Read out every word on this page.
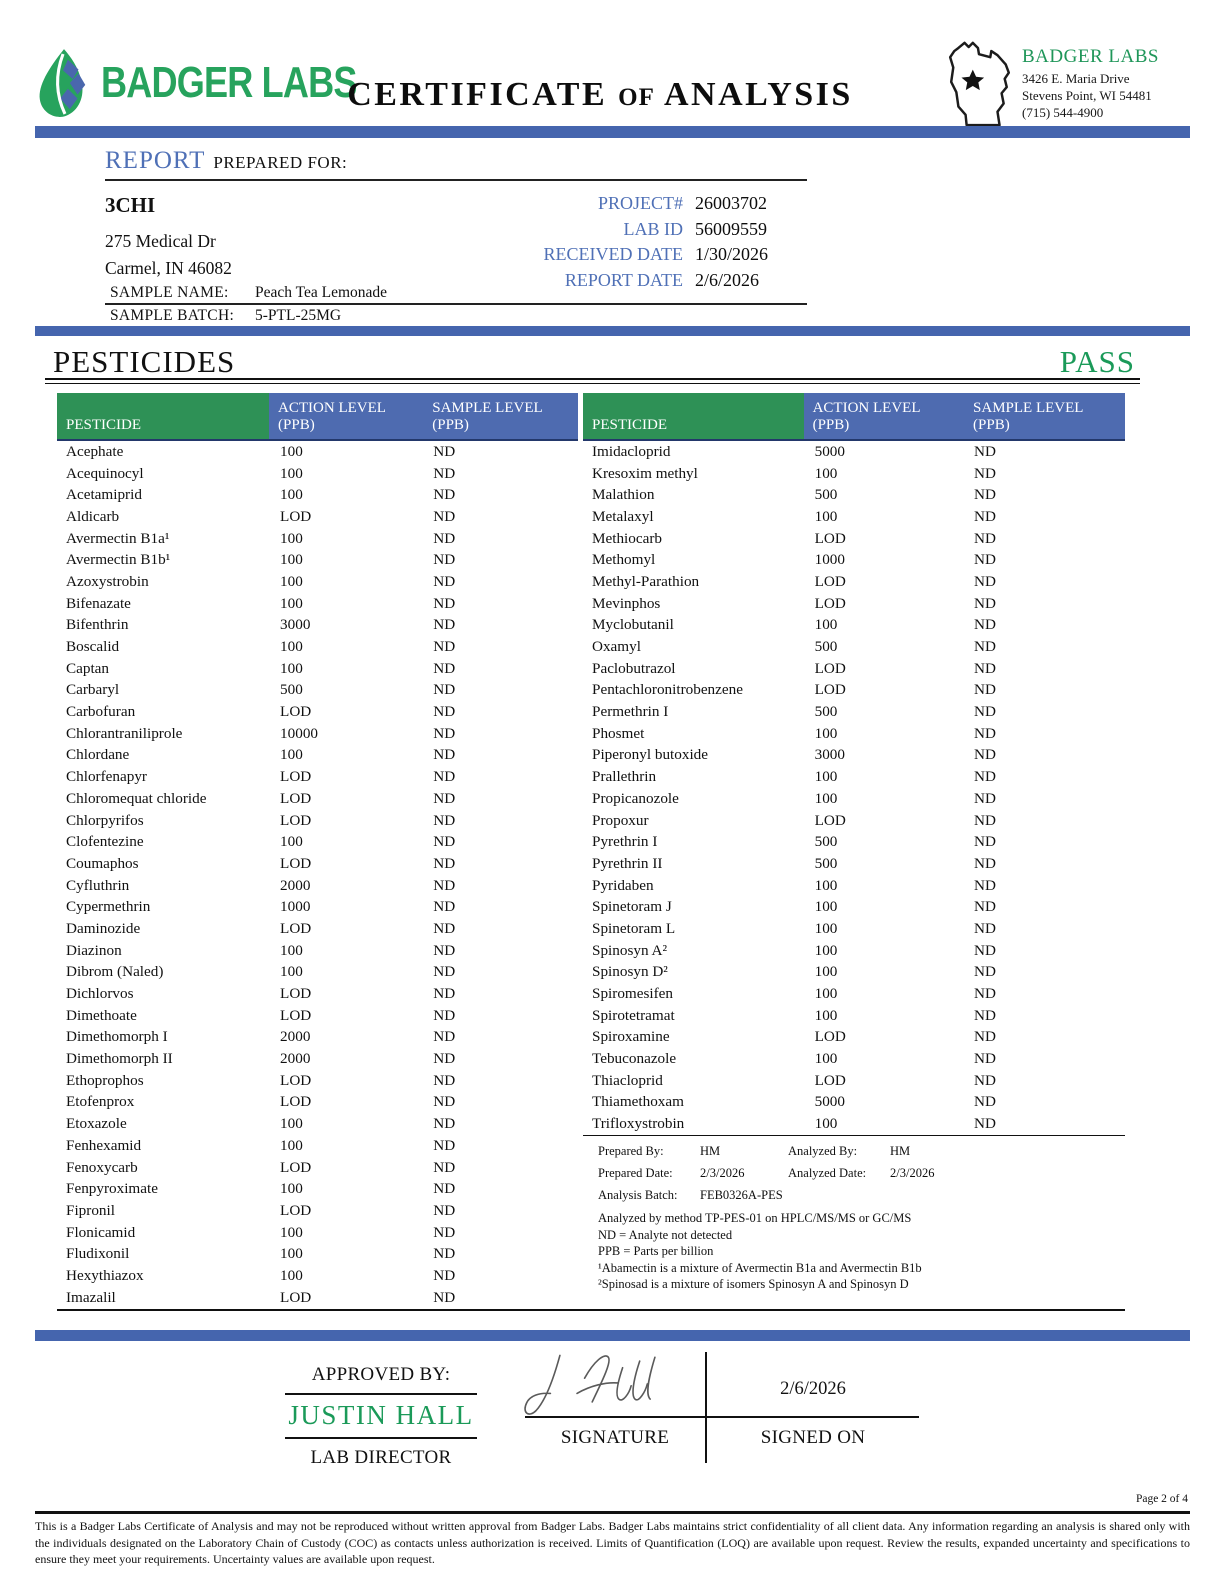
BADGER LABS
CERTIFICATE OF ANALYSIS
BADGER LABS
3426 E. Maria Drive
Stevens Point, WI 54481
(715) 544-4900
REPORT PREPARED FOR:
3CHI
275 Medical Dr
Carmel, IN 46082
PROJECT# 26003702
LAB ID 56009559
RECEIVED DATE 1/30/2026
REPORT DATE 2/6/2026
SAMPLE NAME:	Peach Tea Lemonade
SAMPLE BATCH:	5-PTL-25MG
PESTICIDES	PASS
PESTICIDE
ACTION LEVEL
(PPB)
SAMPLE LEVEL
(PPB)
Acephate	100	ND
Acequinocyl	100	ND
Acetamiprid	100	ND
Aldicarb	LOD	ND
Avermectin B1a¹	100	ND
Avermectin B1b¹	100	ND
Azoxystrobin	100	ND
Bifenazate	100	ND
Bifenthrin	3000	ND
Boscalid	100	ND
Captan	100	ND
Carbaryl	500	ND
Carbofuran	LOD	ND
Chlorantraniliprole	10000	ND
Chlordane	100	ND
Chlorfenapyr	LOD	ND
Chloromequat chloride	LOD	ND
Chlorpyrifos	LOD	ND
Clofentezine	100	ND
Coumaphos	LOD	ND
Cyfluthrin	2000	ND
Cypermethrin	1000	ND
Daminozide	LOD	ND
Diazinon	100	ND
Dibrom (Naled)	100	ND
Dichlorvos	LOD	ND
Dimethoate	LOD	ND
Dimethomorph I	2000	ND
Dimethomorph II	2000	ND
Ethoprophos	LOD	ND
Etofenprox	LOD	ND
Etoxazole	100	ND
Fenhexamid	100	ND
Fenoxycarb	LOD	ND
Fenpyroximate	100	ND
Fipronil	LOD	ND
Flonicamid	100	ND
Fludixonil	100	ND
Hexythiazox	100	ND
Imazalil	LOD	ND
PESTICIDE
ACTION LEVEL
(PPB)
SAMPLE LEVEL
(PPB)
Imidacloprid	5000	ND
Kresoxim methyl	100	ND
Malathion	500	ND
Metalaxyl	100	ND
Methiocarb	LOD	ND
Methomyl	1000	ND
Methyl-Parathion	LOD	ND
Mevinphos	LOD	ND
Myclobutanil	100	ND
Oxamyl	500	ND
Paclobutrazol	LOD	ND
Pentachloronitrobenzene	LOD	ND
Permethrin I	500	ND
Phosmet	100	ND
Piperonyl butoxide	3000	ND
Prallethrin	100	ND
Propicanozole	100	ND
Propoxur	LOD	ND
Pyrethrin I	500	ND
Pyrethrin II	500	ND
Pyridaben	100	ND
Spinetoram J	100	ND
Spinetoram L	100	ND
Spinosyn A²	100	ND
Spinosyn D²	100	ND
Spiromesifen	100	ND
Spirotetramat	100	ND
Spiroxamine	LOD	ND
Tebuconazole	100	ND
Thiacloprid	LOD	ND
Thiamethoxam	5000	ND
Trifloxystrobin	100	ND
Prepared By:	HM	Analyzed By:	HM
Prepared Date:	2/3/2026	Analyzed Date:	2/3/2026
Analysis Batch:	FEB0326A-PES
Analyzed by method TP-PES-01 on HPLC/MS/MS or GC/MS
ND = Analyte not detected
PPB = Parts per billion
¹Abamectin is a mixture of Avermectin B1a and Avermectin B1b
²Spinosad is a mixture of isomers Spinosyn A and Spinosyn D
APPROVED BY:
JUSTIN HALL
LAB DIRECTOR
2/6/2026
SIGNATURE	SIGNED ON
Page 2 of 4
This is a Badger Labs Certificate of Analysis and may not be reproduced without written approval from Badger Labs. Badger Labs maintains strict confidentiality of all client data. Any information regarding an analysis is shared only with the individuals designated on the Laboratory Chain of Custody (COC) as contacts unless authorization is received. Limits of Quantification (LOQ) are available upon request. Review the results, expanded uncertainty and specifications to ensure they meet your requirements. Uncertainty values are available upon request.
